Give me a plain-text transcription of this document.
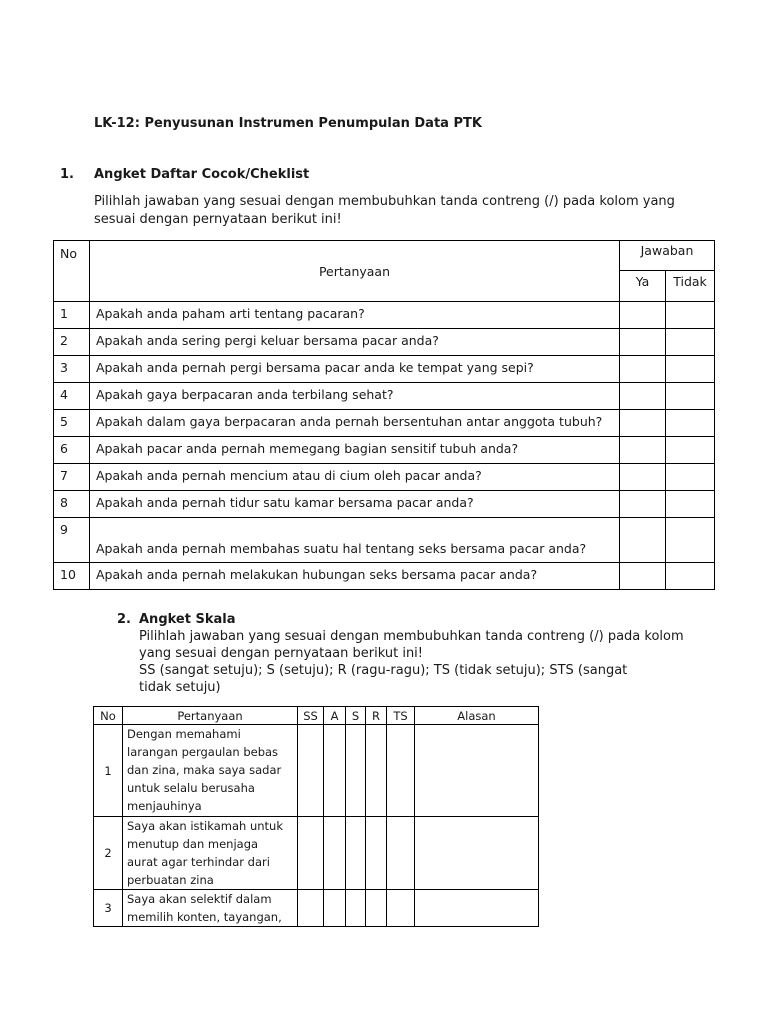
LK-12: Penyusunan Instrumen Penumpulan Data PTK
1. Angket Daftar Cocok/Cheklist
Pilihlah jawaban yang sesuai dengan membubuhkan tanda contreng (/) pada kolom yang
sesuai dengan pernyataan berikut ini!
No	Pertanyaan	Jawaban	
		Ya	Tidak
1	Apakah anda paham arti tentang pacaran?		
2	Apakah anda sering pergi keluar bersama pacar anda?		
3	Apakah anda pernah pergi bersama pacar anda ke tempat yang sepi?		
4	Apakah gaya berpacaran anda terbilang sehat?		
5	Apakah dalam gaya berpacaran anda pernah bersentuhan antar anggota tubuh?		
6	Apakah pacar anda pernah memegang bagian sensitif tubuh anda?		
7	Apakah anda pernah mencium atau di cium oleh pacar anda?		
8	Apakah anda pernah tidur satu kamar bersama pacar anda?		
9	Apakah anda pernah membahas suatu hal tentang seks bersama pacar anda?		
10	Apakah anda pernah melakukan hubungan seks bersama pacar anda?		
2. Angket Skala
Pilihlah jawaban yang sesuai dengan membubuhkan tanda contreng (/) pada kolom
yang sesuai dengan pernyataan berikut ini!
SS (sangat setuju); S (setuju); R (ragu-ragu); TS (tidak setuju); STS (sangat
tidak setuju)
No	Pertanyaan	SS	A	S	R	TS	Alasan
1	Dengan memahami
larangan pergaulan bebas
dan zina, maka saya sadar
untuk selalu berusaha
menjauhinya						

2	Saya akan istikamah untuk
menutup dan menjaga
aurat agar terhindar dari
perbuatan zina						

3	Saya akan selektif dalam
memilih konten, tayangan,						
